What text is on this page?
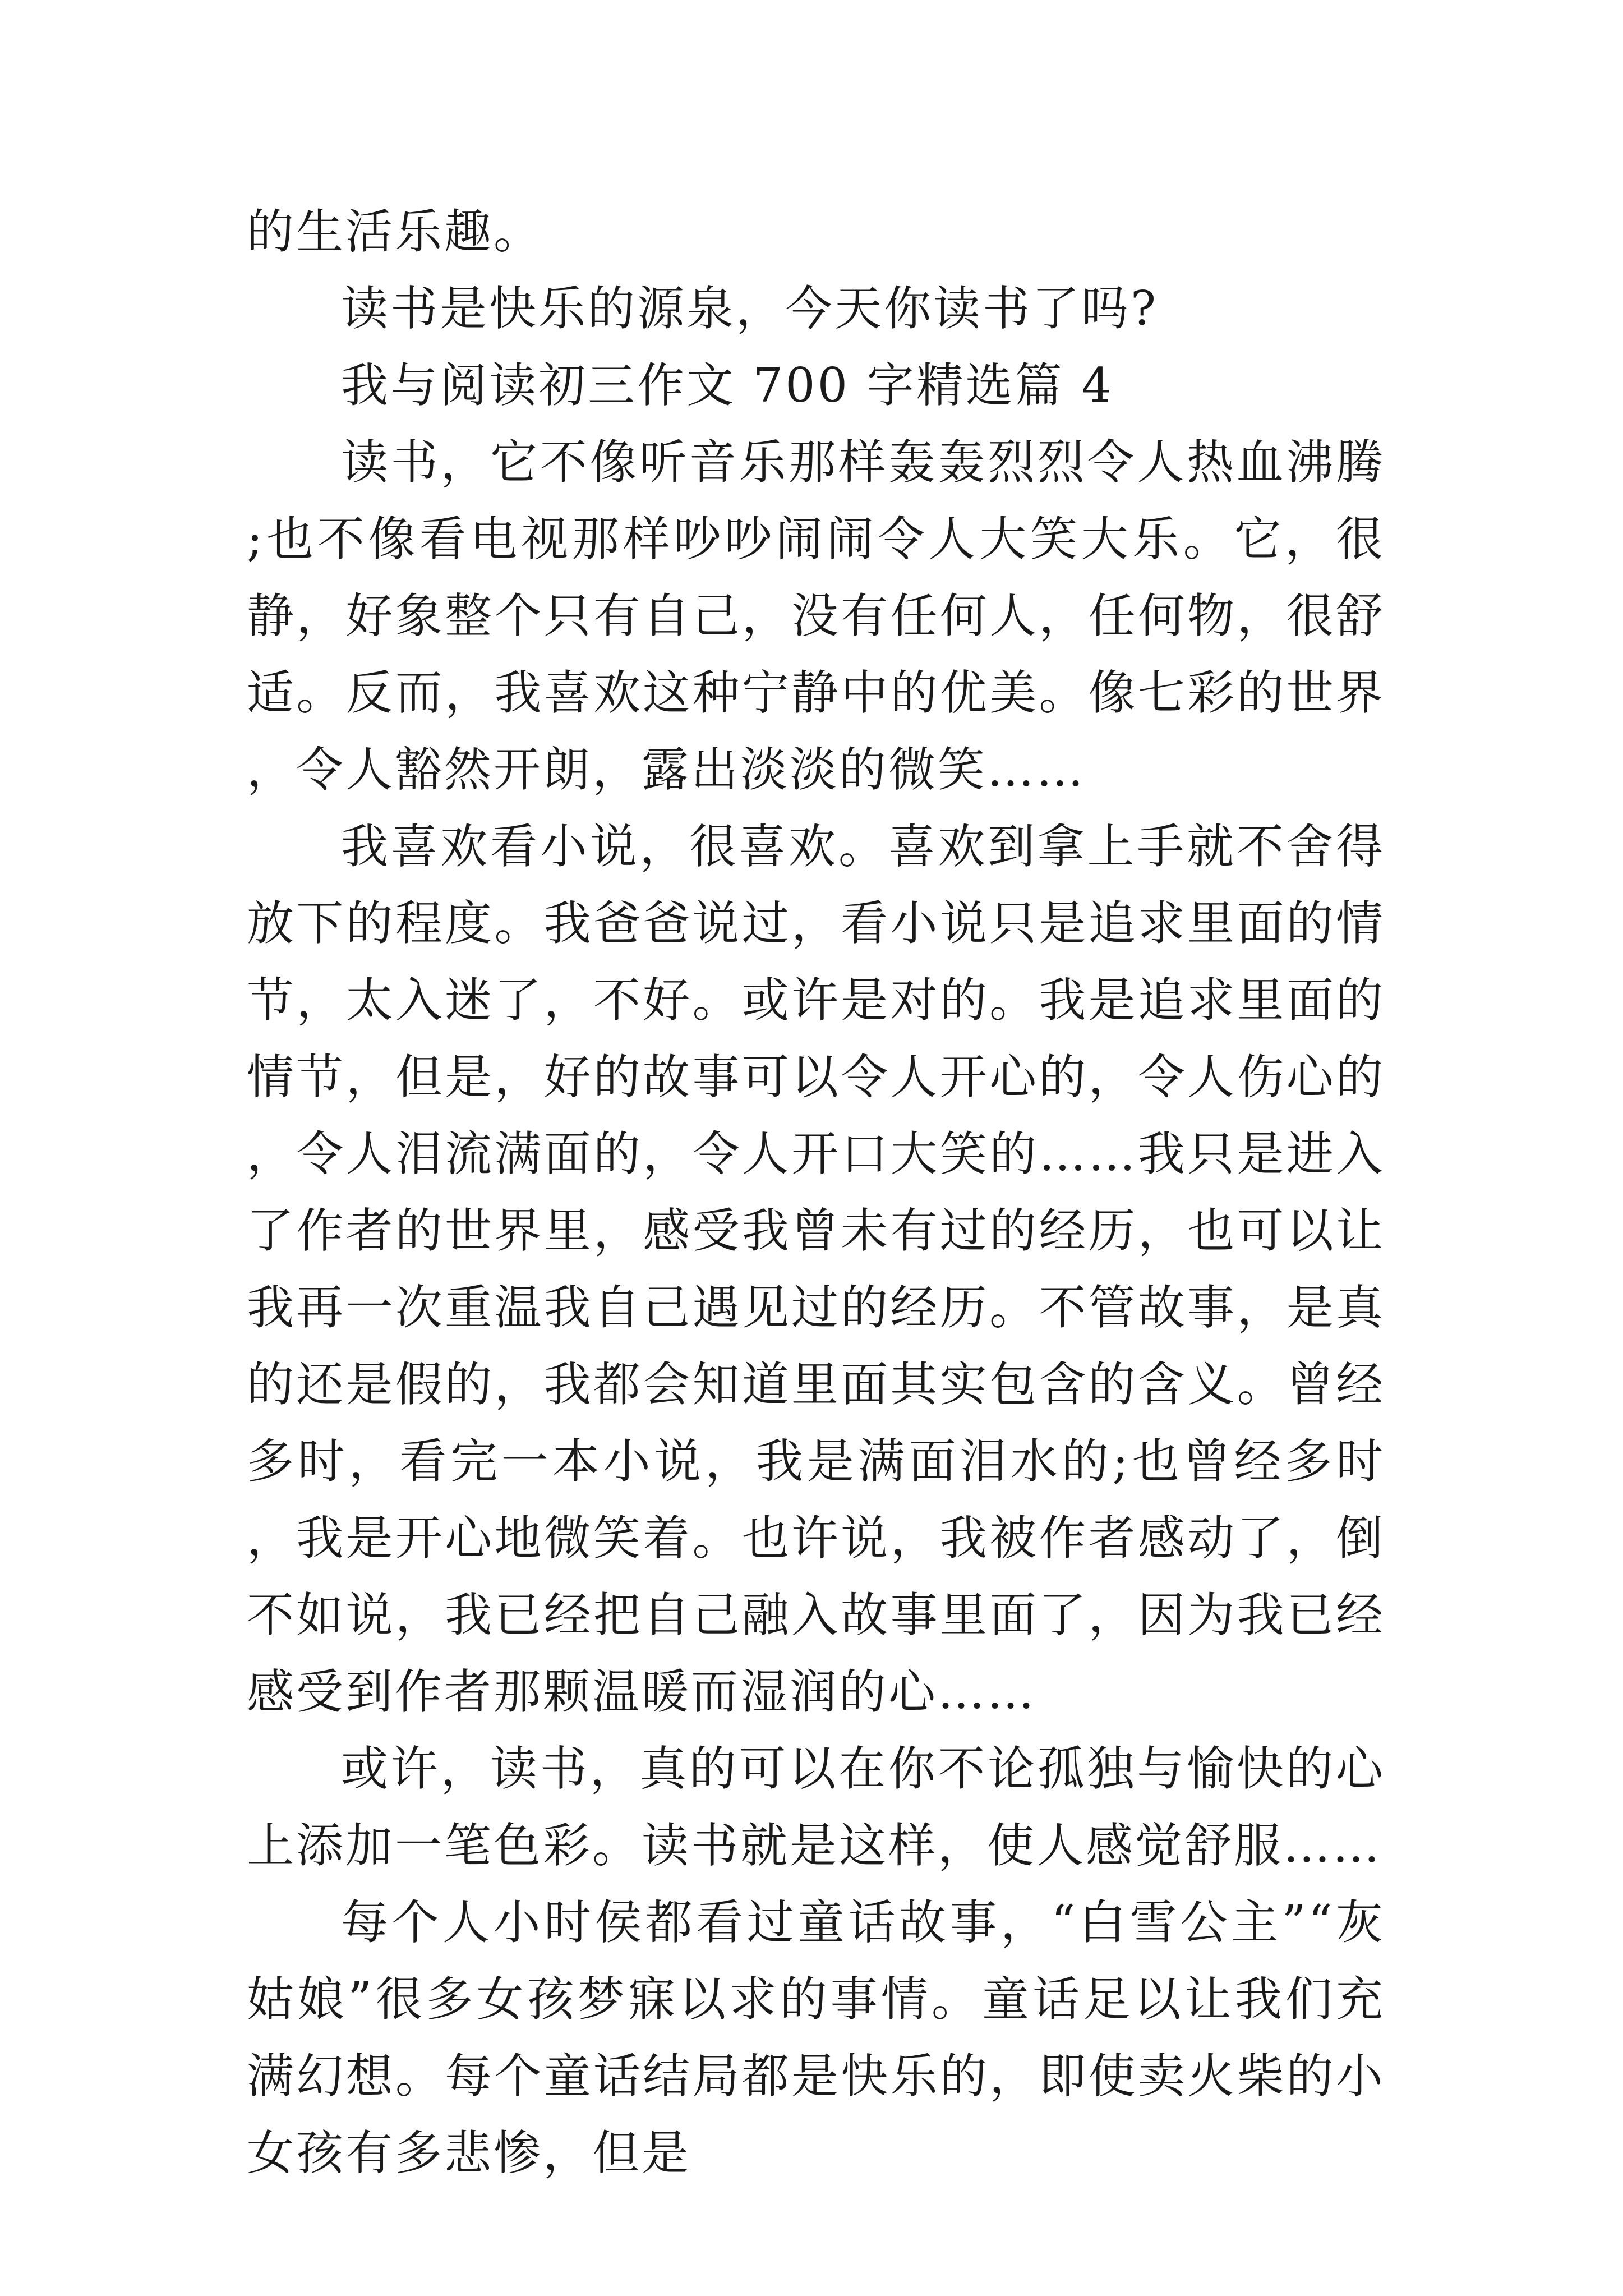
的生活乐趣。

读书是快乐的源泉，今天你读书了吗?

我与阅读初三作文 700 字精选篇 4

读书，它不像听音乐那样轰轰烈烈令人热血沸腾;也不像看电视那样吵吵闹闹令人大笑大乐。它，很静，好象整个只有自己，没有任何人，任何物，很舒适。反而，我喜欢这种宁静中的优美。像七彩的世界，令人豁然开朗，露出淡淡的微笑……

我喜欢看小说，很喜欢。喜欢到拿上手就不舍得放下的程度。我爸爸说过，看小说只是追求里面的情节，太入迷了，不好。或许是对的。我是追求里面的情节，但是，好的故事可以令人开心的，令人伤心的，令人泪流满面的，令人开口大笑的……我只是进入了作者的世界里，感受我曾未有过的经历，也可以让我再一次重温我自己遇见过的经历。不管故事，是真的还是假的，我都会知道里面其实包含的含义。曾经多时，看完一本小说，我是满面泪水的;也曾经多时，我是开心地微笑着。也许说，我被作者感动了，倒不如说，我已经把自己融入故事里面了，因为我已经感受到作者那颗温暖而湿润的心……

或许，读书，真的可以在你不论孤独与愉快的心上添加一笔色彩。读书就是这样，使人感觉舒服……

每个人小时侯都看过童话故事，“白雪公主”“灰姑娘”很多女孩梦寐以求的事情。童话足以让我们充满幻想。每个童话结局都是快乐的，即使卖火柴的小女孩有多悲惨，但是
